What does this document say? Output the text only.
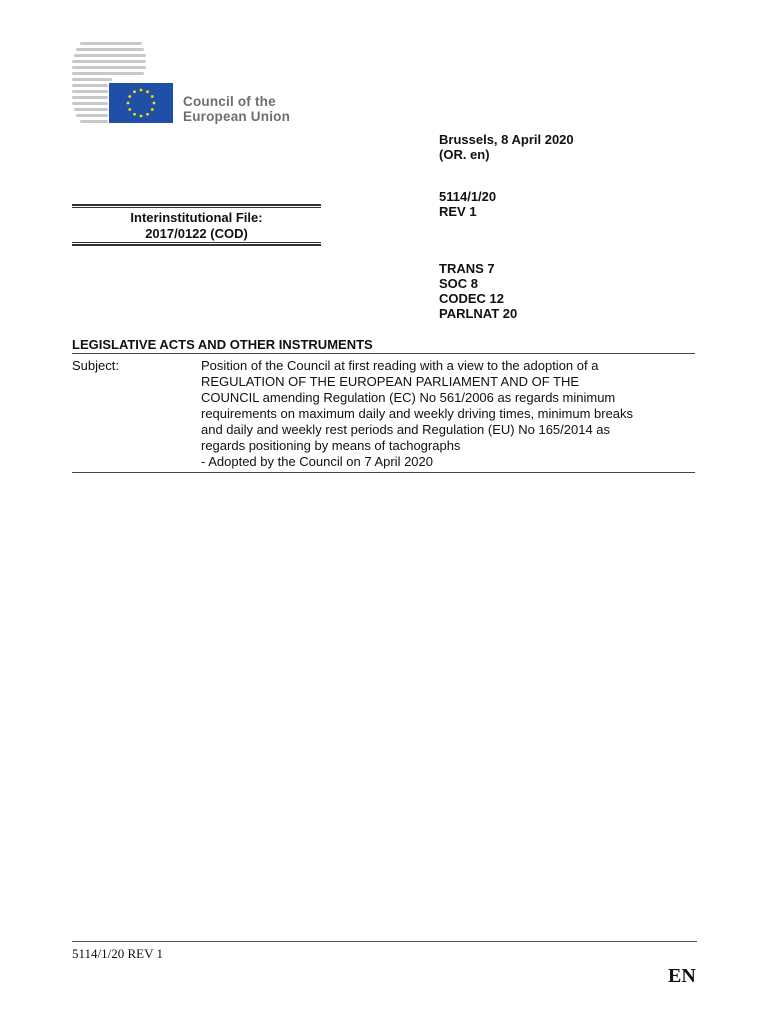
Council of the
European Union
Brussels, 8 April 2020
(OR. en)
5114/1/20
REV 1
TRANS 7
SOC 8
CODEC 12
PARLNAT 20
Interinstitutional File:
2017/0122 (COD)
LEGISLATIVE ACTS AND OTHER INSTRUMENTS
Subject:	Position of the Council at first reading with a view to the adoption of a
REGULATION OF THE EUROPEAN PARLIAMENT AND OF THE
COUNCIL amending Regulation (EC) No 561/2006 as regards minimum
requirements on maximum daily and weekly driving times, minimum breaks
and daily and weekly rest periods and Regulation (EU) No 165/2014 as
regards positioning by means of tachographs
- Adopted by the Council on 7 April 2020
5114/1/20 REV 1
EN
